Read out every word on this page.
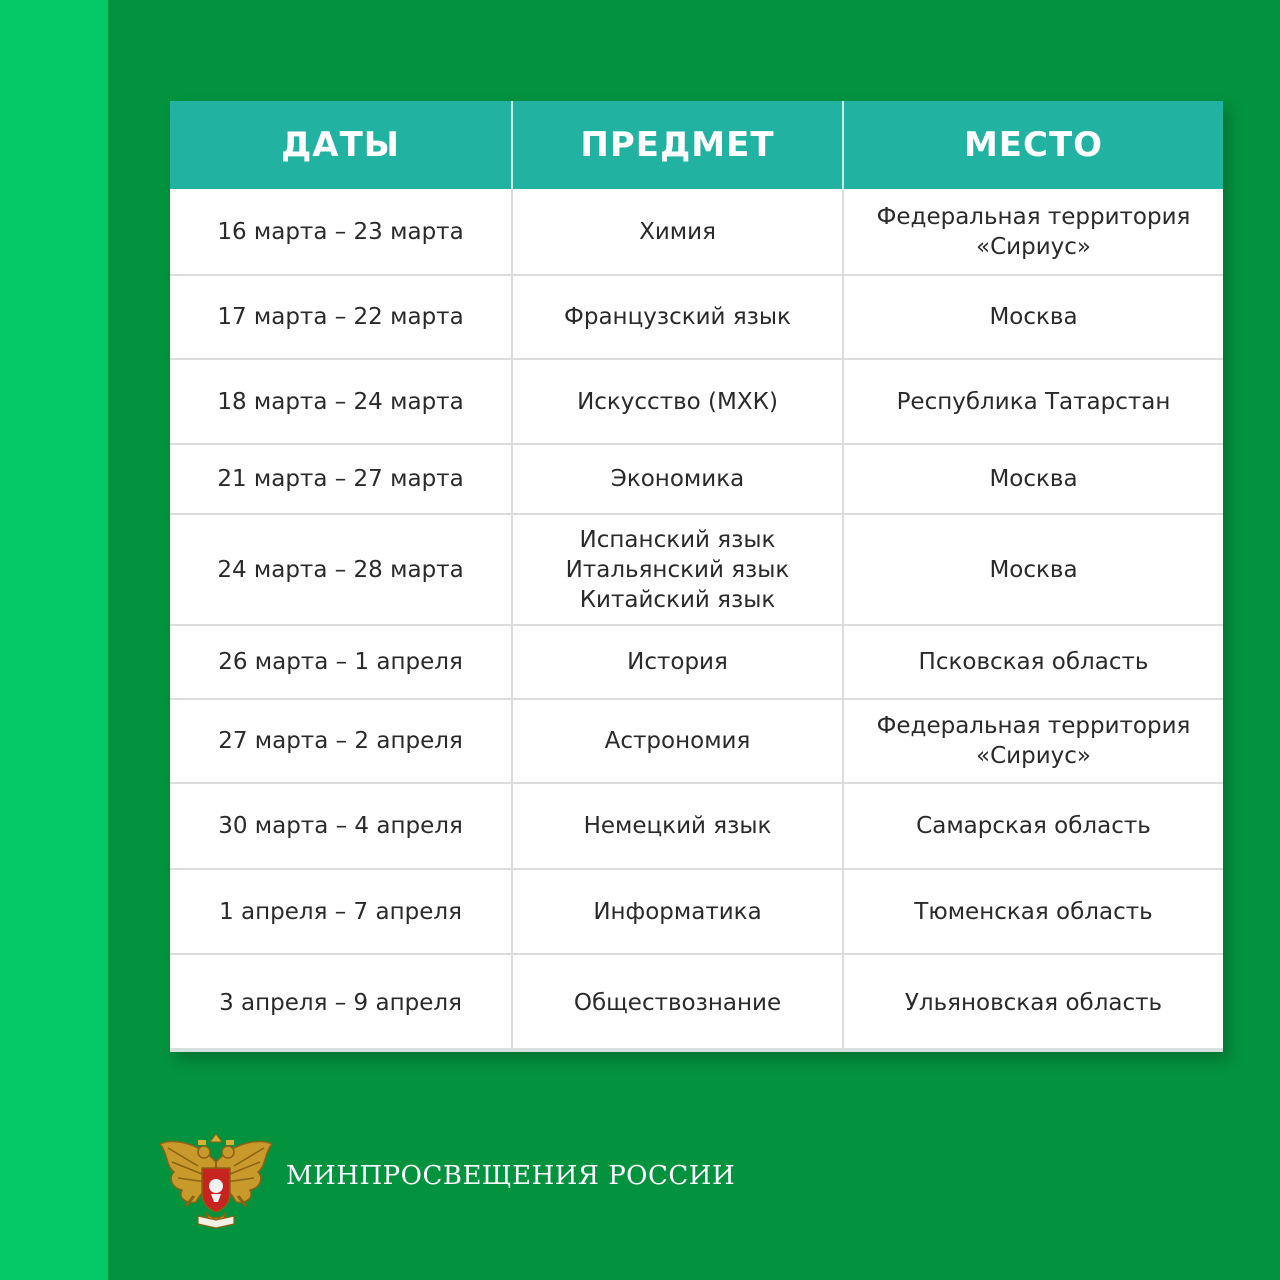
ДАТЫ	ПРЕДМЕТ	МЕСТО
16 марта – 23 марта	Химия	Федеральная территория
«Сириус»

17 марта – 22 марта	Французский язык	Москва

18 марта – 24 марта	Искусство (МХК)	Республика Татарстан

21 марта – 27 марта	Экономика	Москва

24 марта – 28 марта	Испанский язык
Итальянский язык
Китайский язык	Москва

26 марта – 1 апреля	История	Псковская область

27 марта – 2 апреля	Астрономия	Федеральная территория
«Сириус»

30 марта – 4 апреля	Немецкий язык	Самарская область

1 апреля – 7 апреля	Информатика	Тюменская область

3 апреля – 9 апреля	Обществознание	Ульяновская область
МИНПРОСВЕЩЕНИЯ РОССИИ
